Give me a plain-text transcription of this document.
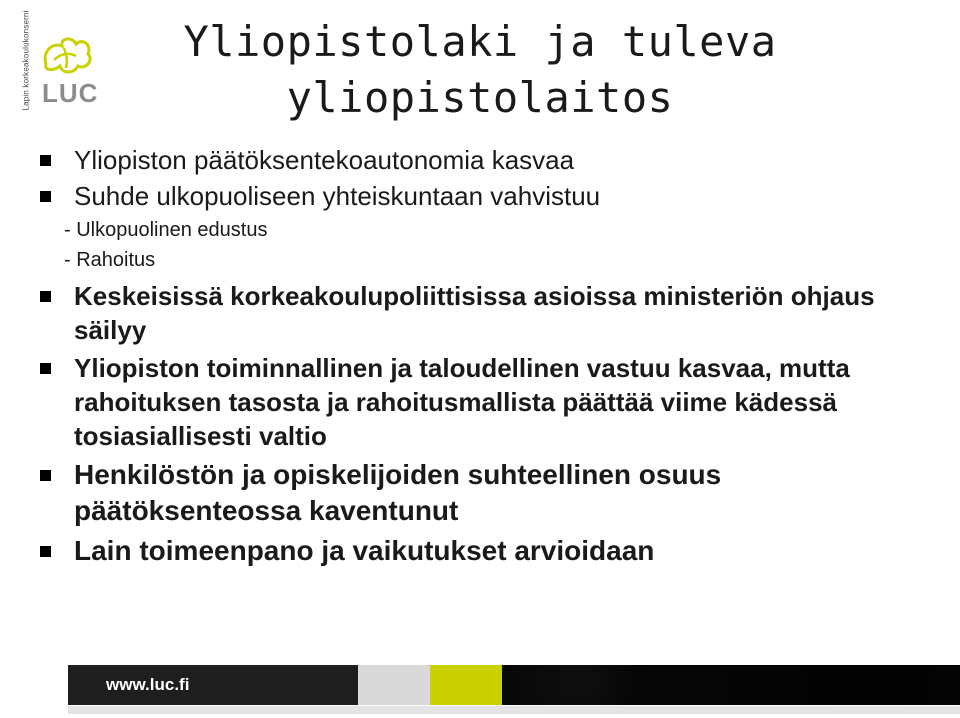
Lapin korkeakoulukonserni LUC
Yliopistolaki ja tuleva
yliopistolaitos
Yliopiston päätöksentekoautonomia kasvaa
Suhde ulkopuoliseen yhteiskuntaan vahvistuu
- Ulkopuolinen edustus
- Rahoitus
Keskeisissä korkeakoulupoliittisissa asioissa ministeriön ohjaus säilyy
Yliopiston toiminnallinen ja taloudellinen vastuu kasvaa, mutta rahoituksen tasosta ja rahoitusmallista päättää viime kädessä tosiasiallisesti valtio
Henkilöstön ja opiskelijoiden suhteellinen osuus päätöksenteossa kaventunut
Lain toimeenpano ja vaikutukset arvioidaan
www.luc.fi
